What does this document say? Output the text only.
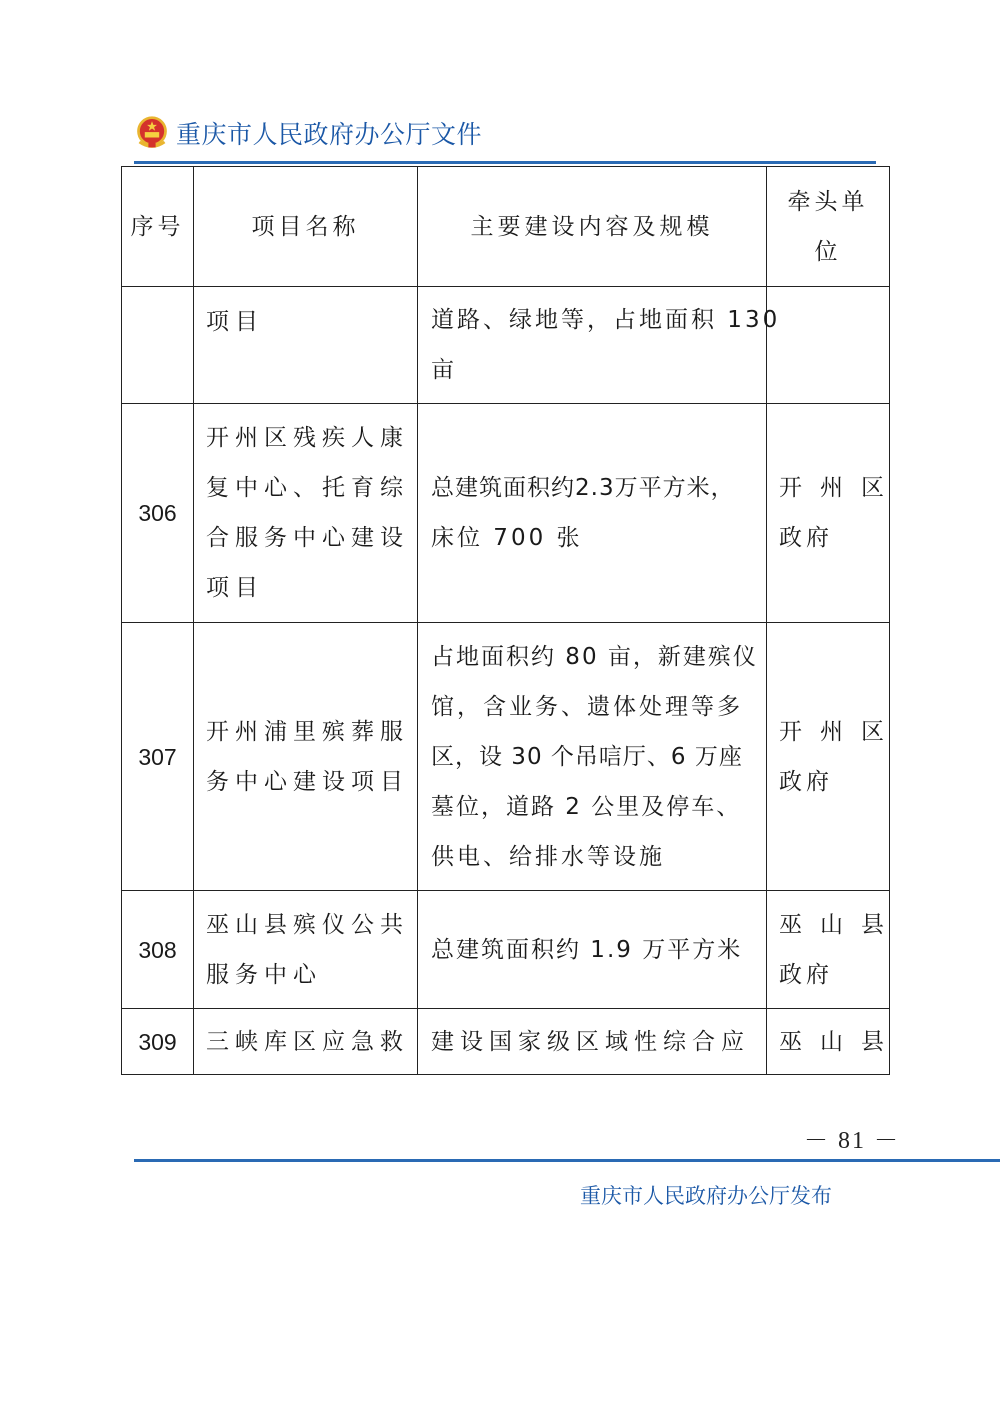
重庆市人民政府办公厅文件
序号	项目名称	主要建设内容及规模	牵头单
位

	项目	道路、绿地等，占地面积 130
亩	

306	开州区残疾人康
复中心、托育综
合服务中心建设
项目	总建筑面积约2.3万平方米，
床位 700 张	开州区
政府

307	开州浦里殡葬服
务中心建设项目	占地面积约 80 亩，新建殡仪
馆，含业务、遗体处理等多
区，设 30 个吊唁厅、6 万座
墓位，道路 2 公里及停车、
供电、给排水等设施	开州区
政府

308	巫山县殡仪公共
服务中心	总建筑面积约 1.9 万平方米	巫山县
政府

309	三峡库区应急救	建设国家级区域性综合应	巫山县
－ 81 －
重庆市人民政府办公厅发布
